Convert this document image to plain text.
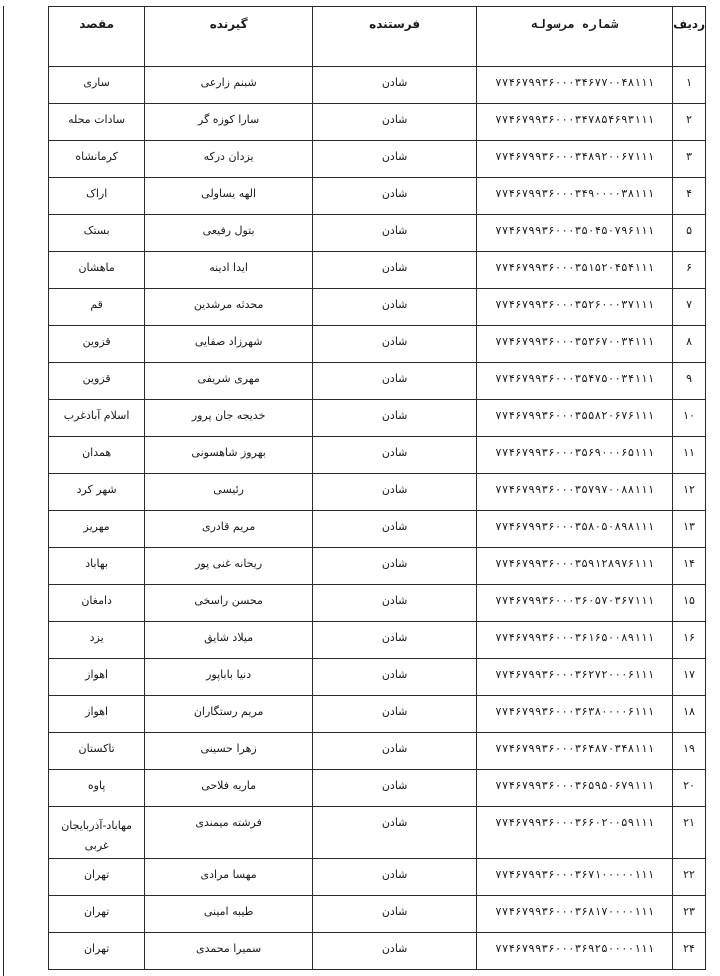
ردیف	شماره مرسوله	فرستنده	گیرنده	مقصد
۱	۷۷۴۶۷۹۹۳۶۰۰۰۳۴۶۷۷۰۰۴۸۱۱۱	شادن	شبنم زارعی	ساری
۲	۷۷۴۶۷۹۹۳۶۰۰۰۳۴۷۸۵۴۶۹۳۱۱۱	شادن	سارا کوزه گر	سادات محله
۳	۷۷۴۶۷۹۹۳۶۰۰۰۳۴۸۹۲۰۰۶۷۱۱۱	شادن	یزدان درکه	کرمانشاه
۴	۷۷۴۶۷۹۹۳۶۰۰۰۳۴۹۰۰۰۰۳۸۱۱۱	شادن	الهه یساولی	اراک
۵	۷۷۴۶۷۹۹۳۶۰۰۰۳۵۰۴۵۰۷۹۶۱۱۱	شادن	بتول رفیعی	بستک
۶	۷۷۴۶۷۹۹۳۶۰۰۰۳۵۱۵۲۰۴۵۴۱۱۱	شادن	ایدا ادینه	ماهشان
۷	۷۷۴۶۷۹۹۳۶۰۰۰۳۵۲۶۰۰۰۳۷۱۱۱	شادن	محدثه مرشدین	قم
۸	۷۷۴۶۷۹۹۳۶۰۰۰۳۵۳۶۷۰۰۳۴۱۱۱	شادن	شهرزاد صفایی	قزوین
۹	۷۷۴۶۷۹۹۳۶۰۰۰۳۵۴۷۵۰۰۳۴۱۱۱	شادن	مهری شریفی	قزوین
۱۰	۷۷۴۶۷۹۹۳۶۰۰۰۳۵۵۸۲۰۶۷۶۱۱۱	شادن	خدیجه جان پرور	اسلام آبادغرب
۱۱	۷۷۴۶۷۹۹۳۶۰۰۰۳۵۶۹۰۰۰۶۵۱۱۱	شادن	بهروز شاهسونی	همدان
۱۲	۷۷۴۶۷۹۹۳۶۰۰۰۳۵۷۹۷۰۰۸۸۱۱۱	شادن	رئیسی	شهر کرد
۱۳	۷۷۴۶۷۹۹۳۶۰۰۰۳۵۸۰۵۰۸۹۸۱۱۱	شادن	مریم قادری	مهریز
۱۴	۷۷۴۶۷۹۹۳۶۰۰۰۳۵۹۱۲۸۹۷۶۱۱۱	شادن	ریحانه غنی پور	بهاباد
۱۵	۷۷۴۶۷۹۹۳۶۰۰۰۳۶۰۵۷۰۳۶۷۱۱۱	شادن	محسن راسخی	دامغان
۱۶	۷۷۴۶۷۹۹۳۶۰۰۰۳۶۱۶۵۰۰۸۹۱۱۱	شادن	میلاد شایق	یزد
۱۷	۷۷۴۶۷۹۹۳۶۰۰۰۳۶۲۷۲۰۰۰۶۱۱۱	شادن	دنیا باباپور	اهواز
۱۸	۷۷۴۶۷۹۹۳۶۰۰۰۳۶۳۸۰۰۰۰۶۱۱۱	شادن	مریم رستگاران	اهواز
۱۹	۷۷۴۶۷۹۹۳۶۰۰۰۳۶۴۸۷۰۳۴۸۱۱۱	شادن	زهرا حسینی	تاکستان
۲۰	۷۷۴۶۷۹۹۳۶۰۰۰۳۶۵۹۵۰۶۷۹۱۱۱	شادن	ماریه فلاحی	پاوه
۲۱	۷۷۴۶۷۹۹۳۶۰۰۰۳۶۶۰۲۰۰۵۹۱۱۱	شادن	فرشته میمندی	مهاباد-آذربایجان غربی
۲۲	۷۷۴۶۷۹۹۳۶۰۰۰۳۶۷۱۰۰۰۰۰۱۱۱	شادن	مهسا مرادی	تهران
۲۳	۷۷۴۶۷۹۹۳۶۰۰۰۳۶۸۱۷۰۰۰۰۱۱۱	شادن	طیبه امینی	تهران
۲۴	۷۷۴۶۷۹۹۳۶۰۰۰۳۶۹۲۵۰۰۰۰۱۱۱	شادن	سمیرا محمدی	تهران
